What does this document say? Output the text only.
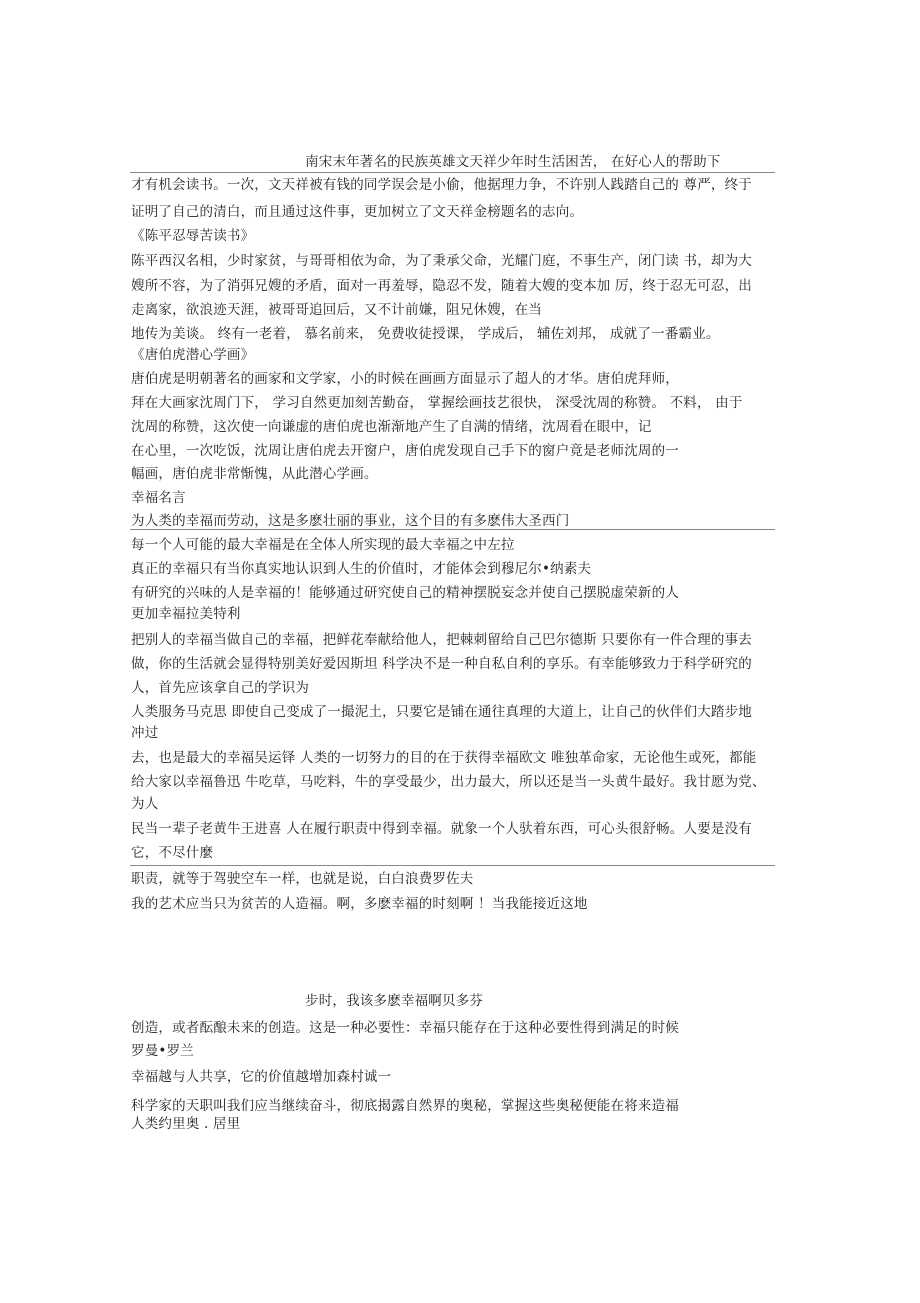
南宋末年著名的民族英雄文天祥少年时生活困苦， 在好心人的帮助下
才有机会读书。一次，文天祥被有钱的同学误会是小偷，他据理力争，不许别人践踏自己的 尊严，终于
证明了自己的清白，而且通过这件事，更加树立了文天祥金榜题名的志向。
《陈平忍辱苦读书》
陈平西汉名相，少时家贫，与哥哥相依为命，为了秉承父命，光耀门庭，不事生产，闭门读 书，却为大
嫂所不容，为了消弭兄嫂的矛盾，面对一再羞辱，隐忍不发，随着大嫂的变本加 厉，终于忍无可忍，出
走离家，欲浪迹天涯，被哥哥追回后，又不计前嫌，阻兄休嫂，在当
地传为美谈。 终有一老着， 慕名前来， 免费收徒授课， 学成后， 辅佐刘邦， 成就了一番霸业。
《唐伯虎潜心学画》
唐伯虎是明朝著名的画家和文学家，小的时候在画画方面显示了超人的才华。唐伯虎拜师，
拜在大画家沈周门下， 学习自然更加刻苦勤奋， 掌握绘画技艺很快， 深受沈周的称赞。 不料， 由于
沈周的称赞，这次使一向谦虚的唐伯虎也渐渐地产生了自满的情绪，沈周看在眼中，记
在心里，一次吃饭，沈周让唐伯虎去开窗户，唐伯虎发现自己手下的窗户竟是老师沈周的一
幅画，唐伯虎非常惭愧，从此潜心学画。
幸福名言
为人类的幸福而劳动，这是多麽壮丽的事业，这个目的有多麽伟大圣西门
每一个人可能的最大幸福是在全体人所实现的最大幸福之中左拉
真正的幸福只有当你真实地认识到人生的价值时，才能体会到穆尼尔•纳素夫
有研究的兴味的人是幸福的！能够通过研究使自己的精神摆脱妄念并使自己摆脱虚荣新的人
更加幸福拉美特利
把别人的幸福当做自己的幸福，把鲜花奉献给他人，把棘刺留给自己巴尔德斯 只要你有一件合理的事去
做，你的生活就会显得特别美好爱因斯坦 科学决不是一种自私自利的享乐。有幸能够致力于科学研究的
人，首先应该拿自己的学识为
人类服务马克思 即使自己变成了一撮泥土，只要它是铺在通往真理的大道上，让自己的伙伴们大踏步地
冲过
去，也是最大的幸福吴运铎 人类的一切努力的目的在于获得幸福欧文 唯独革命家，无论他生或死，都能
给大家以幸福鲁迅 牛吃草，马吃料，牛的享受最少，出力最大，所以还是当一头黄牛最好。我甘愿为党、
为人
民当一辈子老黄牛王进喜 人在履行职责中得到幸福。就象一个人驮着东西，可心头很舒畅。人要是没有
它，不尽什麼
职责，就等于驾驶空车一样，也就是说，白白浪费罗佐夫
我的艺术应当只为贫苦的人造福。啊，多麽幸福的时刻啊 ！当我能接近这地
步时，我该多麽幸福啊贝多芬
创造，或者酝酿未来的创造。这是一种必要性：幸福只能存在于这种必要性得到满足的时候
罗曼•罗兰
幸福越与人共享，它的价值越增加森村诚一
科学家的天职叫我们应当继续奋斗，彻底揭露自然界的奥秘，掌握这些奥秘便能在将来造福
人类约里奥 . 居里
